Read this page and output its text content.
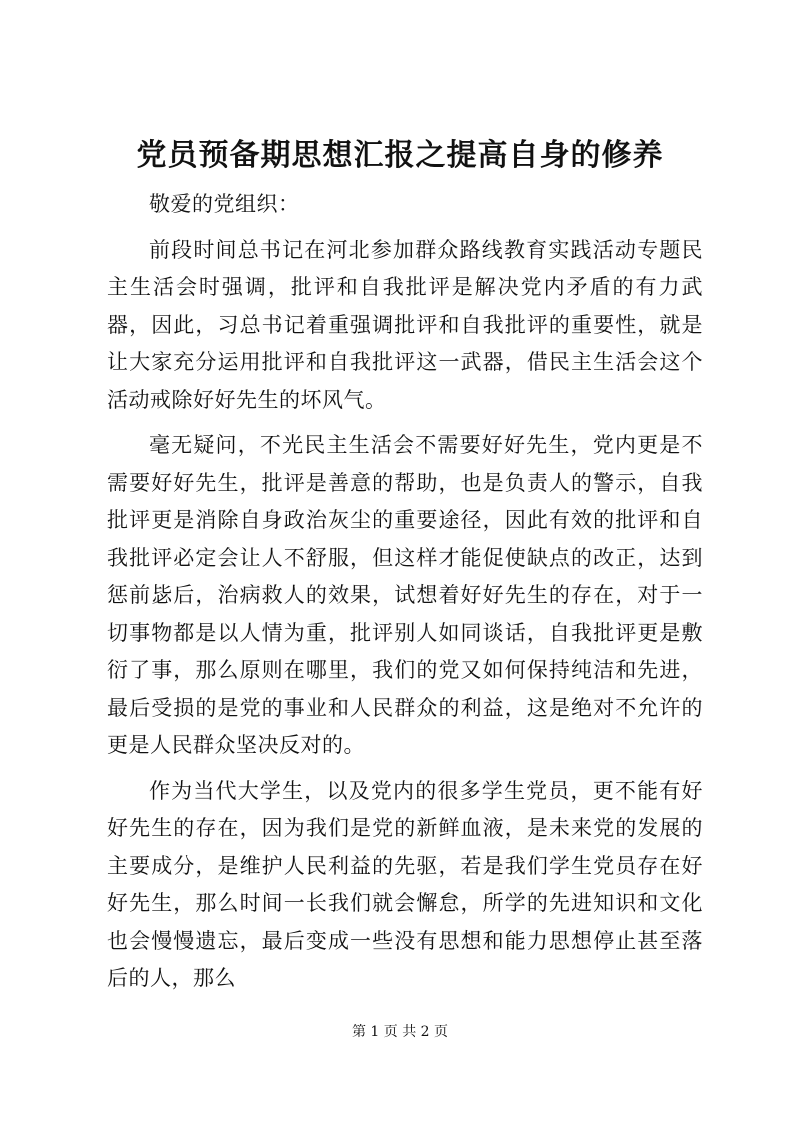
党员预备期思想汇报之提高自身的修养

敬爱的党组织：

前段时间总书记在河北参加群众路线教育实践活动专题民主生活会时强调，批评和自我批评是解决党内矛盾的有力武器，因此，习总书记着重强调批评和自我批评的重要性，就是让大家充分运用批评和自我批评这一武器，借民主生活会这个活动戒除好好先生的坏风气。

毫无疑问，不光民主生活会不需要好好先生，党内更是不需要好好先生，批评是善意的帮助，也是负责人的警示，自我批评更是消除自身政治灰尘的重要途径，因此有效的批评和自我批评必定会让人不舒服，但这样才能促使缺点的改正，达到惩前毖后，治病救人的效果，试想着好好先生的存在，对于一切事物都是以人情为重，批评别人如同谈话，自我批评更是敷衍了事，那么原则在哪里，我们的党又如何保持纯洁和先进，最后受损的是党的事业和人民群众的利益，这是绝对不允许的更是人民群众坚决反对的。

作为当代大学生，以及党内的很多学生党员，更不能有好好先生的存在，因为我们是党的新鲜血液，是未来党的发展的主要成分，是维护人民利益的先驱，若是我们学生党员存在好好先生，那么时间一长我们就会懈怠，所学的先进知识和文化也会慢慢遗忘，最后变成一些没有思想和能力思想停止甚至落后的人，那么

第 1 页 共 2 页
